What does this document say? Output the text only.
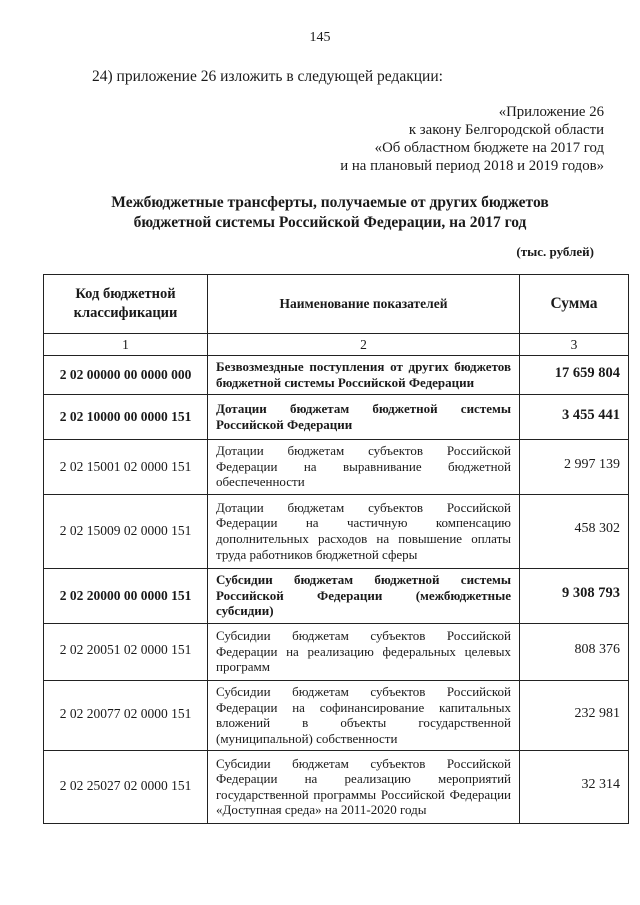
145
24) приложение 26 изложить в следующей редакции:
«Приложение 26
к закону Белгородской области
«Об областном бюджете на 2017 год
и на плановый период 2018 и 2019 годов»
Межбюджетные трансферты, получаемые от других бюджетов
бюджетной системы Российской Федерации, на 2017 год
(тыс. рублей)
Код бюджетной классификации	Наименование показателей	Сумма
1	2	3
2 02 00000 00 0000 000	Безвозмездные поступления от других бюджетов бюджетной системы Российской Федерации	17 659 804
2 02 10000 00 0000 151	Дотации бюджетам бюджетной системы Российской Федерации	3 455 441
2 02 15001 02 0000 151	Дотации бюджетам субъектов Российской Федерации на выравнивание бюджетной обеспеченности	2 997 139
2 02 15009 02 0000 151	Дотации бюджетам субъектов Российской Федерации на частичную компенсацию дополнительных расходов на повышение оплаты труда работников бюджетной сферы	458 302
2 02 20000 00 0000 151	Субсидии бюджетам бюджетной системы Российской Федерации (межбюджетные субсидии)	9 308 793
2 02 20051 02 0000 151	Субсидии бюджетам субъектов Российской Федерации на реализацию федеральных целевых программ	808 376
2 02 20077 02 0000 151	Субсидии бюджетам субъектов Российской Федерации на софинансирование капитальных вложений в объекты государственной (муниципальной) собственности	232 981
2 02 25027 02 0000 151	Субсидии бюджетам субъектов Российской Федерации на реализацию мероприятий государственной программы Российской Федерации «Доступная среда» на 2011-2020 годы	32 314
